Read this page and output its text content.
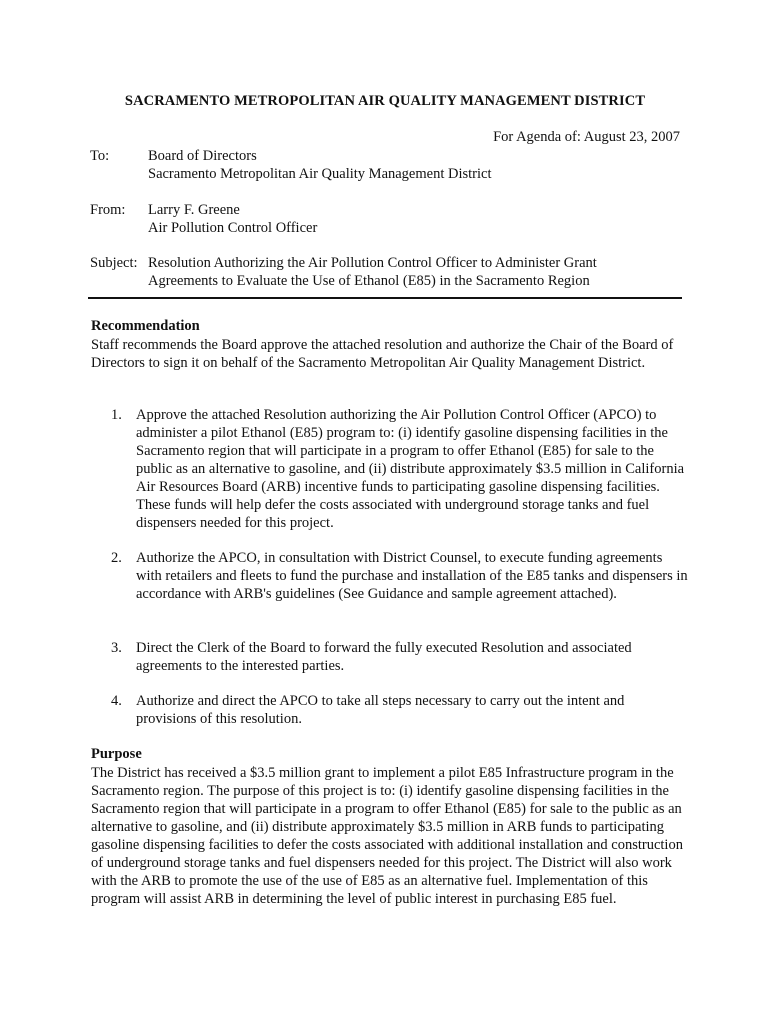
SACRAMENTO METROPOLITAN AIR QUALITY MANAGEMENT DISTRICT
For Agenda of: August 23, 2007
To:	Board of Directors
Sacramento Metropolitan Air Quality Management District
From: Larry F. Greene
Air Pollution Control Officer
Subject: Resolution Authorizing the Air Pollution Control Officer to Administer Grant
Agreements to Evaluate the Use of Ethanol (E85) in the Sacramento Region
Recommendation
Staff recommends the Board approve the attached resolution and authorize the Chair of the Board of Directors to sign it on behalf of the Sacramento Metropolitan Air Quality Management District.
1. Approve the attached Resolution authorizing the Air Pollution Control Officer (APCO) to administer a pilot Ethanol (E85) program to: (i) identify gasoline dispensing facilities in the Sacramento region that will participate in a program to offer Ethanol (E85) for sale to the public as an alternative to gasoline, and (ii) distribute approximately $3.5 million in California Air Resources Board (ARB) incentive funds to participating gasoline dispensing facilities. These funds will help defer the costs associated with underground storage tanks and fuel dispensers needed for this project.
2. Authorize the APCO, in consultation with District Counsel, to execute funding agreements with retailers and fleets to fund the purchase and installation of the E85 tanks and dispensers in accordance with ARB's guidelines (See Guidance and sample agreement attached).
3. Direct the Clerk of the Board to forward the fully executed Resolution and associated agreements to the interested parties.
4. Authorize and direct the APCO to take all steps necessary to carry out the intent and provisions of this resolution.
Purpose
The District has received a $3.5 million grant to implement a pilot E85 Infrastructure program in the Sacramento region. The purpose of this project is to: (i) identify gasoline dispensing facilities in the Sacramento region that will participate in a program to offer Ethanol (E85) for sale to the public as an alternative to gasoline, and (ii) distribute approximately $3.5 million in ARB funds to participating gasoline dispensing facilities to defer the costs associated with additional installation and construction of underground storage tanks and fuel dispensers needed for this project. The District will also work with the ARB to promote the use of the use of E85 as an alternative fuel. Implementation of this program will assist ARB in determining the level of public interest in purchasing E85 fuel.
